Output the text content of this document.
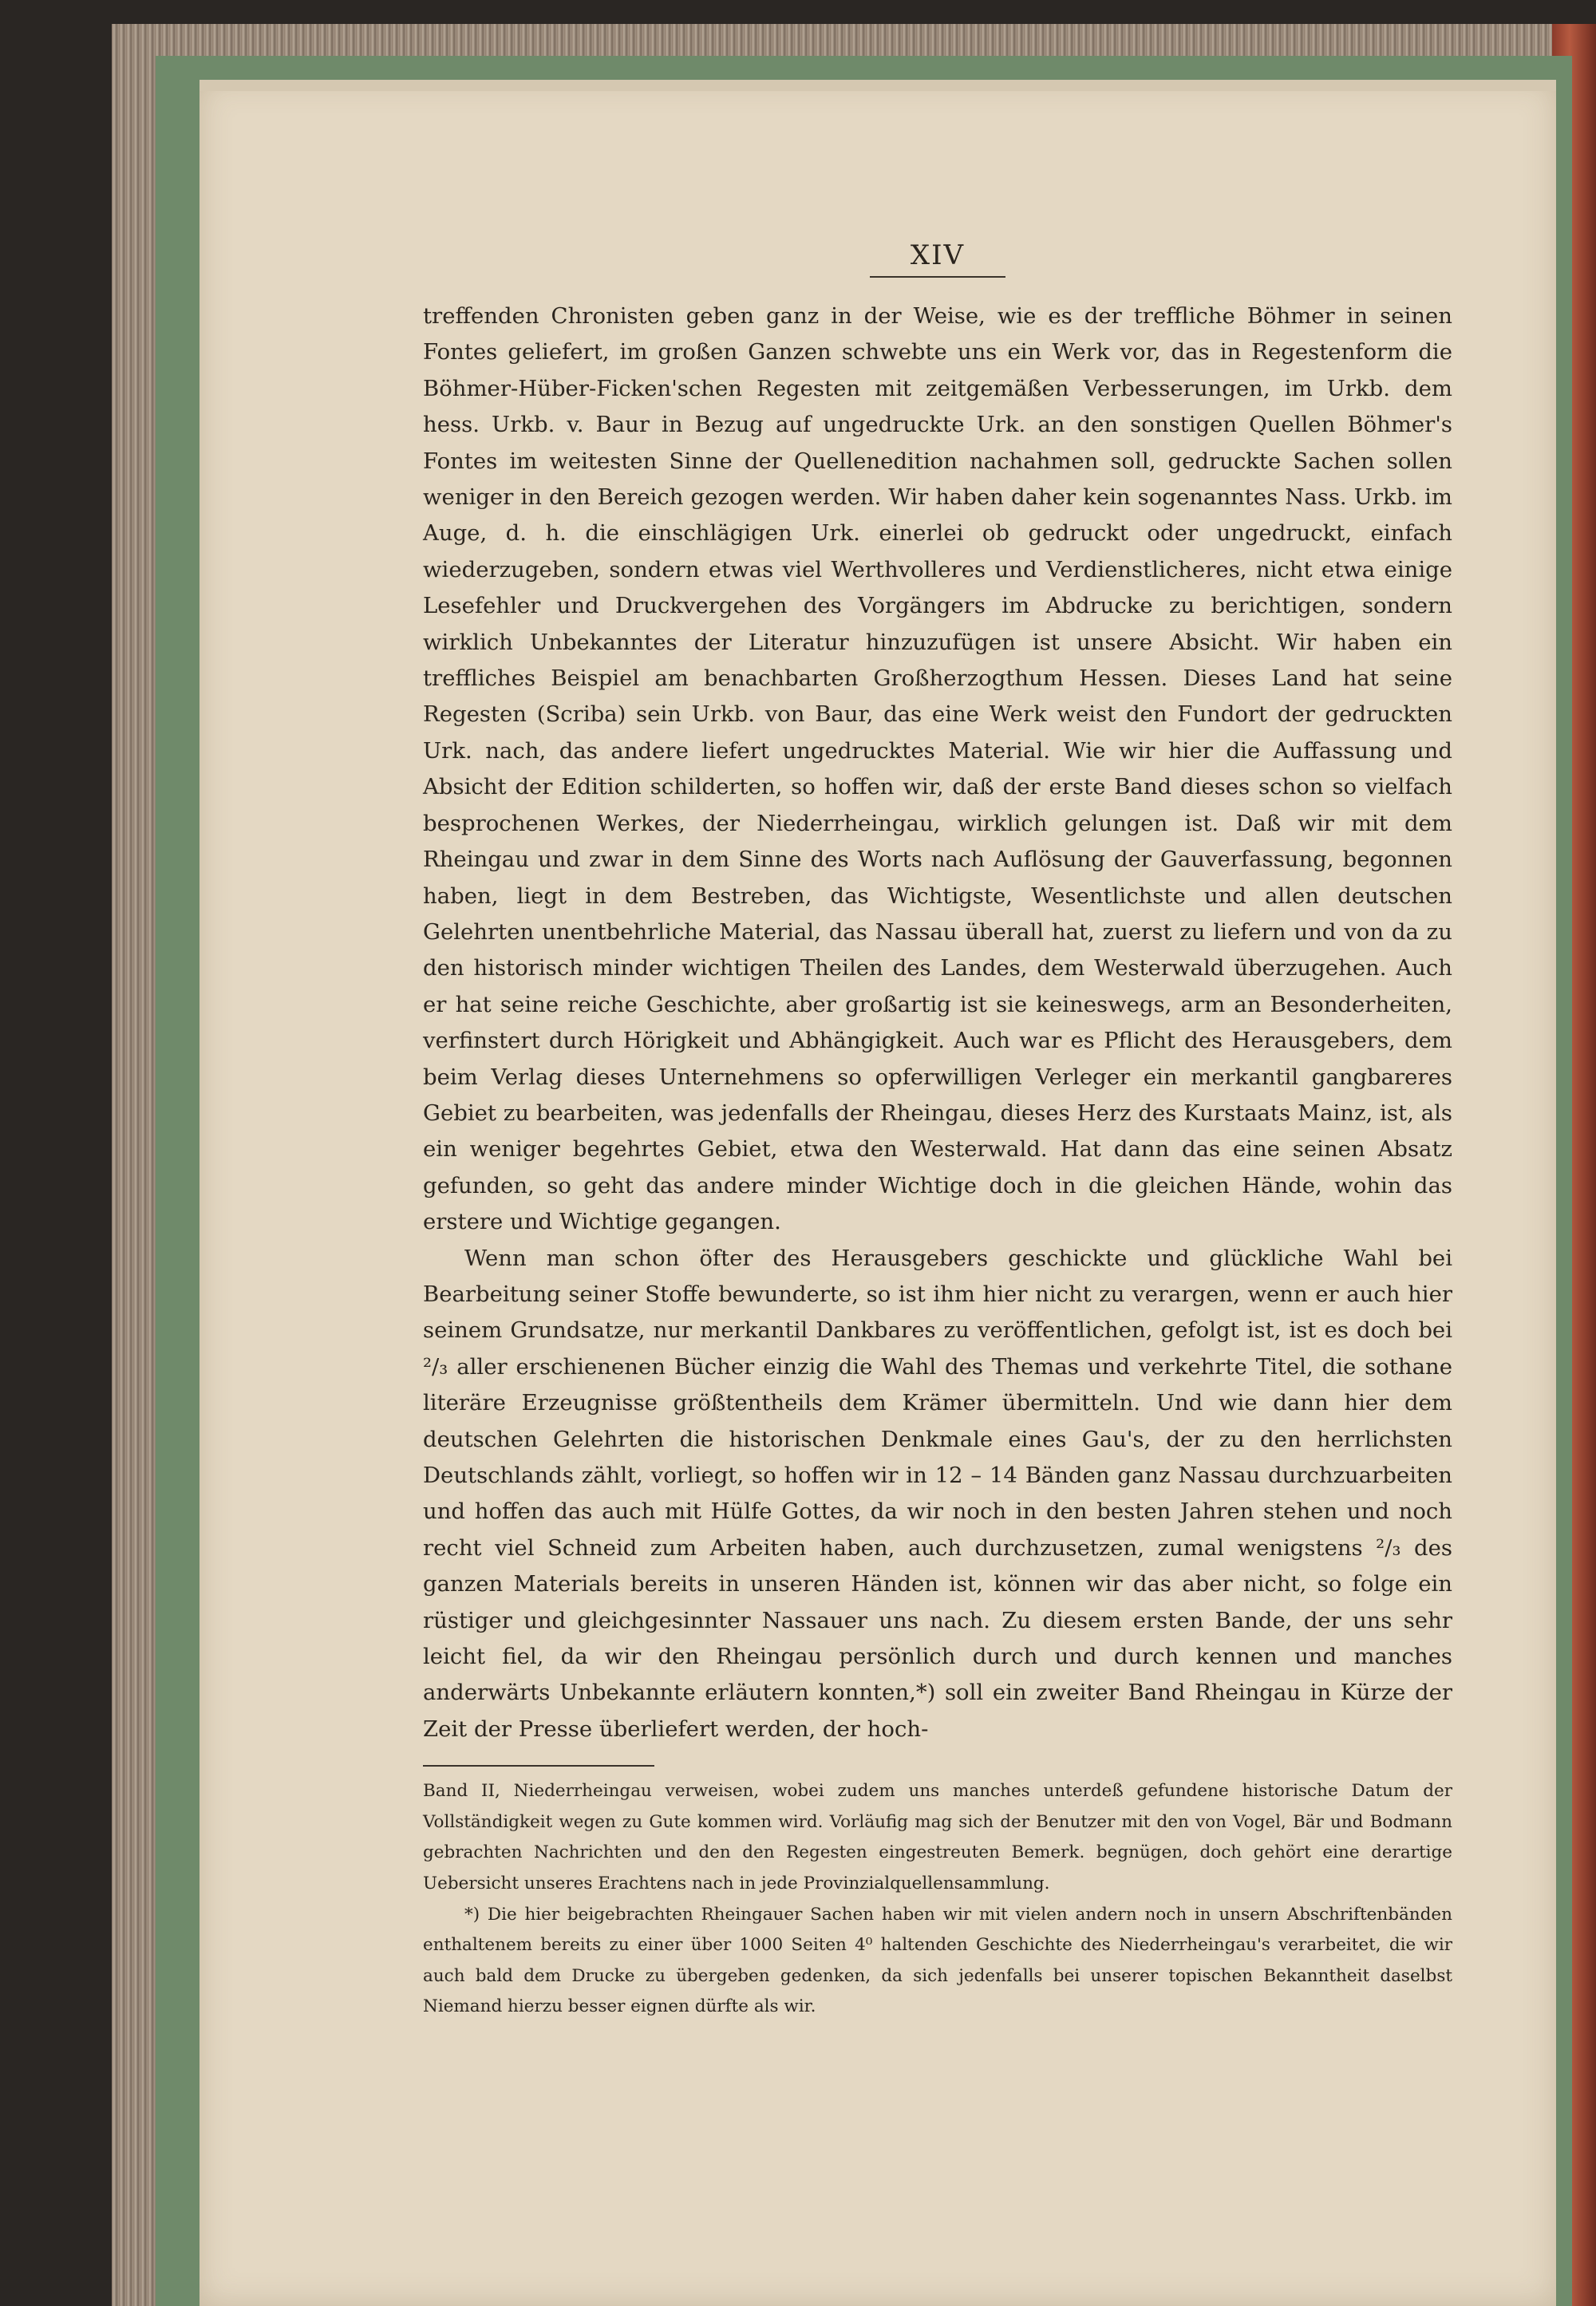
XIV

treffenden Chronisten geben ganz in der Weise, wie es der treffliche Böhmer in seinen Fontes geliefert, im großen Ganzen schwebte uns ein Werk vor, das in Regestenform die Böhmer-Hüber-Ficken'schen Regesten mit zeitgemäßen Verbesserungen, im Urkb. dem hess. Urkb. v. Baur in Bezug auf ungedruckte Urk. an den sonstigen Quellen Böhmer's Fontes im weitesten Sinne der Quellenedition nachahmen soll, gedruckte Sachen sollen weniger in den Bereich gezogen werden. Wir haben daher kein sogenanntes Nass. Urkb. im Auge, d. h. die einschlägigen Urk. einerlei ob gedruckt oder ungedruckt, einfach wiederzugeben, sondern etwas viel Werthvolleres und Verdienstlicheres, nicht etwa einige Lesefehler und Druckvergehen des Vorgängers im Abdrucke zu berichtigen, sondern wirklich Unbekanntes der Literatur hinzuzufügen ist unsere Absicht. Wir haben ein treffliches Beispiel am benachbarten Großherzogthum Hessen. Dieses Land hat seine Regesten (Scriba) sein Urkb. von Baur, das eine Werk weist den Fundort der gedruckten Urk. nach, das andere liefert ungedrucktes Material. Wie wir hier die Auffassung und Absicht der Edition schilderten, so hoffen wir, daß der erste Band dieses schon so vielfach besprochenen Werkes, der Niederrheingau, wirklich gelungen ist. Daß wir mit dem Rheingau und zwar in dem Sinne des Worts nach Auflösung der Gauverfassung, begonnen haben, liegt in dem Bestreben, das Wichtigste, Wesentlichste und allen deutschen Gelehrten unentbehrliche Material, das Nassau überall hat, zuerst zu liefern und von da zu den historisch minder wichtigen Theilen des Landes, dem Westerwald überzugehen. Auch er hat seine reiche Geschichte, aber großartig ist sie keineswegs, arm an Besonderheiten, verfinstert durch Hörigkeit und Abhängigkeit. Auch war es Pflicht des Herausgebers, dem beim Verlag dieses Unternehmens so opferwilligen Verleger ein merkantil gangbareres Gebiet zu bearbeiten, was jedenfalls der Rheingau, dieses Herz des Kurstaats Mainz, ist, als ein weniger begehrtes Gebiet, etwa den Westerwald. Hat dann das eine seinen Absatz gefunden, so geht das andere minder Wichtige doch in die gleichen Hände, wohin das erstere und Wichtige gegangen.

Wenn man schon öfter des Herausgebers geschickte und glückliche Wahl bei Bearbeitung seiner Stoffe bewunderte, so ist ihm hier nicht zu verargen, wenn er auch hier seinem Grundsatze, nur merkantil Dankbares zu veröffentlichen, gefolgt ist, ist es doch bei ²/₃ aller erschienenen Bücher einzig die Wahl des Themas und verkehrte Titel, die sothane literäre Erzeugnisse größtentheils dem Krämer übermitteln. Und wie dann hier dem deutschen Gelehrten die historischen Denkmale eines Gau's, der zu den herrlichsten Deutschlands zählt, vorliegt, so hoffen wir in 12 – 14 Bänden ganz Nassau durchzuarbeiten und hoffen das auch mit Hülfe Gottes, da wir noch in den besten Jahren stehen und noch recht viel Schneid zum Arbeiten haben, auch durchzusetzen, zumal wenigstens ²/₃ des ganzen Materials bereits in unseren Händen ist, können wir das aber nicht, so folge ein rüstiger und gleichgesinnter Nassauer uns nach. Zu diesem ersten Bande, der uns sehr leicht fiel, da wir den Rheingau persönlich durch und durch kennen und manches anderwärts Unbekannte erläutern konnten,*) soll ein zweiter Band Rheingau in Kürze der Zeit der Presse überliefert werden, der hoch-

Band II, Niederrheingau verweisen, wobei zudem uns manches unterdeß gefundene historische Datum der Vollständigkeit wegen zu Gute kommen wird. Vorläufig mag sich der Benutzer mit den von Vogel, Bär und Bodmann gebrachten Nachrichten und den den Regesten eingestreuten Bemerk. begnügen, doch gehört eine derartige Uebersicht unseres Erachtens nach in jede Provinzialquellensammlung.

*) Die hier beigebrachten Rheingauer Sachen haben wir mit vielen andern noch in unsern Abschriftenbänden enthaltenem bereits zu einer über 1000 Seiten 4⁰ haltenden Geschichte des Niederrheingau's verarbeitet, die wir auch bald dem Drucke zu übergeben gedenken, da sich jedenfalls bei unserer topischen Bekanntheit daselbst Niemand hierzu besser eignen dürfte als wir.
